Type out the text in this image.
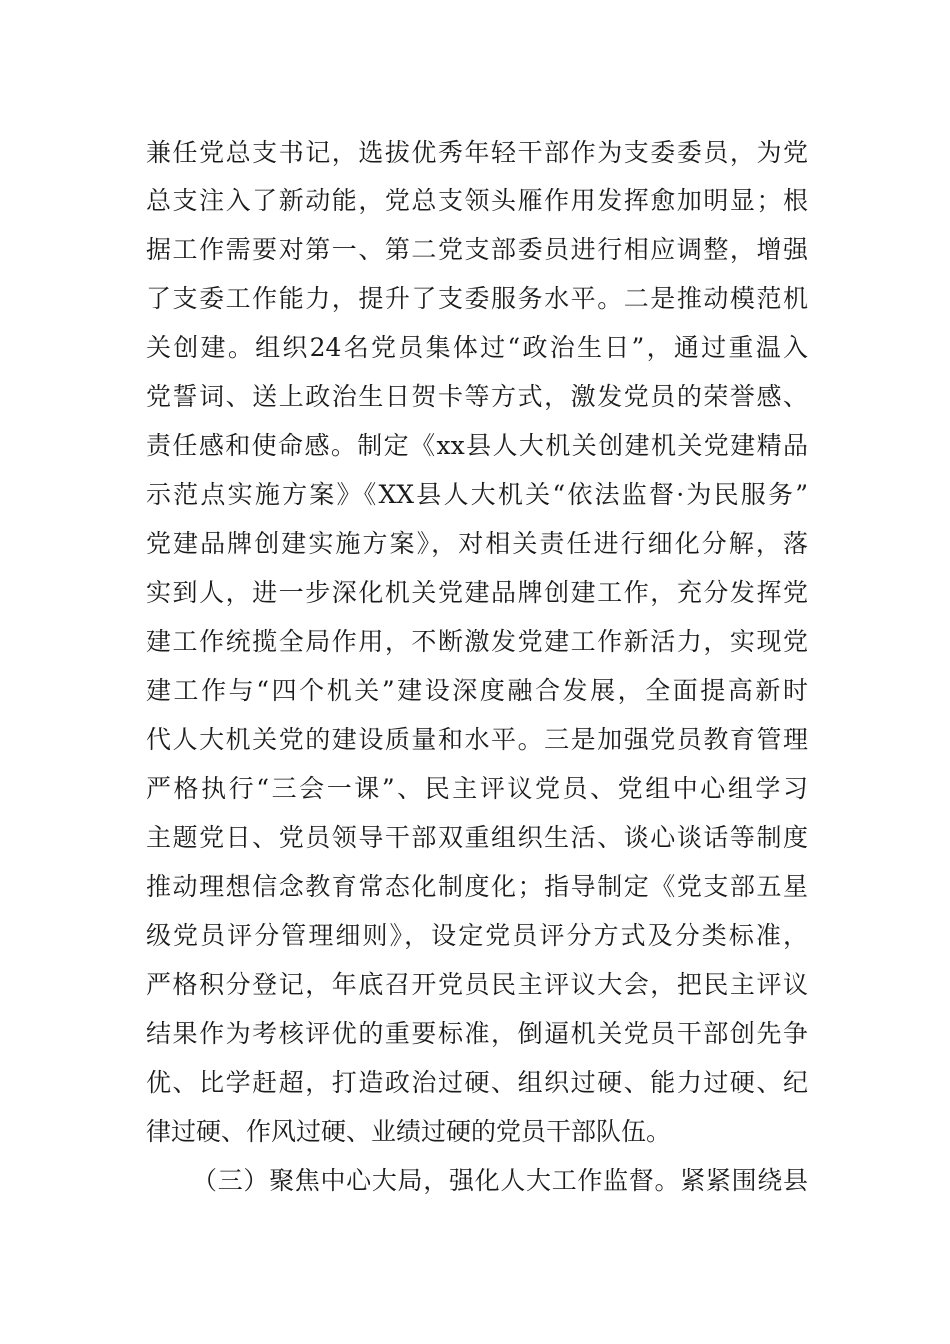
兼任党总支书记，选拔优秀年轻干部作为支委委员，为党
总支注入了新动能，党总支领头雁作用发挥愈加明显；根
据工作需要对第一、第二党支部委员进行相应调整，增强
了支委工作能力，提升了支委服务水平。二是推动模范机
关创建。组织24名党员集体过“政治生日”，通过重温入
党誓词、送上政治生日贺卡等方式，激发党员的荣誉感、
责任感和使命感。制定《xx县人大机关创建机关党建精品
示范点实施方案》《XX县人大机关“依法监督·为民服务”
党建品牌创建实施方案》，对相关责任进行细化分解，落
实到人，进一步深化机关党建品牌创建工作，充分发挥党
建工作统揽全局作用，不断激发党建工作新活力，实现党
建工作与“四个机关”建设深度融合发展，全面提高新时
代人大机关党的建设质量和水平。三是加强党员教育管理
严格执行“三会一课”、民主评议党员、党组中心组学习
主题党日、党员领导干部双重组织生活、谈心谈话等制度
推动理想信念教育常态化制度化；指导制定《党支部五星
级党员评分管理细则》，设定党员评分方式及分类标准，
严格积分登记，年底召开党员民主评议大会，把民主评议
结果作为考核评优的重要标准，倒逼机关党员干部创先争
优、比学赶超，打造政治过硬、组织过硬、能力过硬、纪
律过硬、作风过硬、业绩过硬的党员干部队伍。
（三）聚焦中心大局，强化人大工作监督。紧紧围绕县
